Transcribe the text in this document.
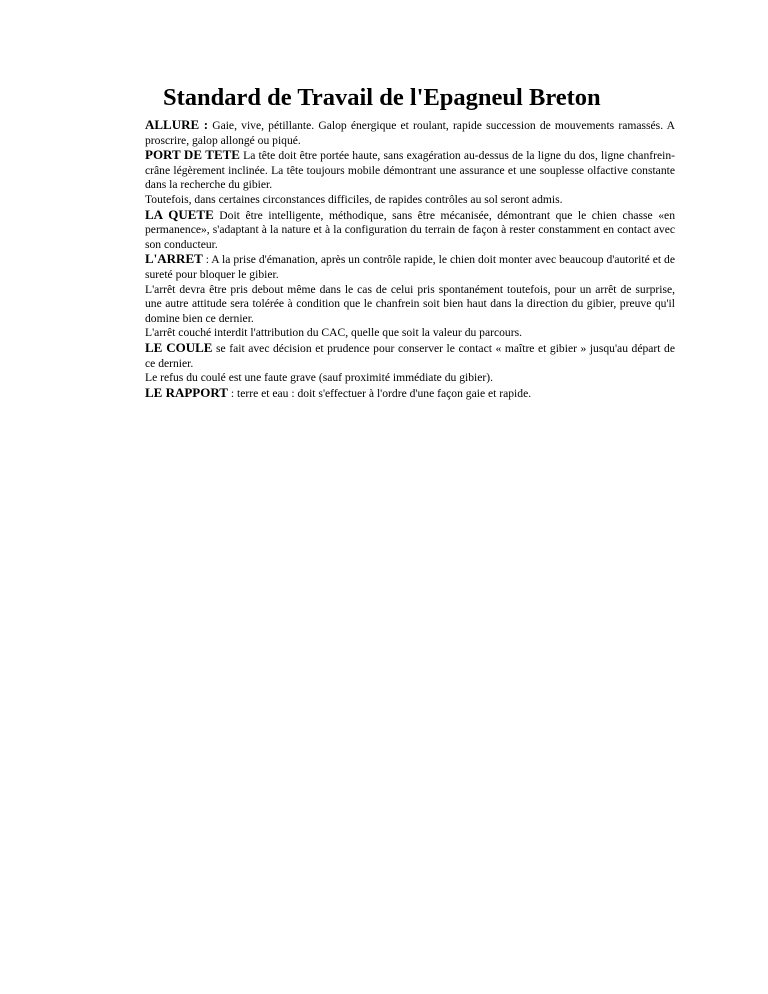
Standard de Travail de l'Epagneul Breton

ALLURE : Gaie, vive, pétillante. Galop énergique et roulant, rapide succession de mouvements ramassés. A proscrire, galop allongé ou piqué.

PORT DE TETE La tête doit être portée haute, sans exagération au-dessus de la ligne du dos, ligne chanfrein-crâne légèrement inclinée. La tête toujours mobile démontrant une assurance et une souplesse olfactive constante dans la recherche du gibier.

Toutefois, dans certaines circonstances difficiles, de rapides contrôles au sol seront admis.

LA QUETE Doit être intelligente, méthodique, sans être mécanisée, démontrant que le chien chasse «en permanence», s'adaptant à la nature et à la configuration du terrain de façon à rester constamment en contact avec son conducteur.

L'ARRET : A la prise d'émanation, après un contrôle rapide, le chien doit monter avec beaucoup d'autorité et de sureté pour bloquer le gibier.

L'arrêt devra être pris debout même dans le cas de celui pris spontanément toutefois, pour un arrêt de surprise, une autre attitude sera tolérée à condition que le chanfrein soit bien haut dans la direction du gibier, preuve qu'il domine bien ce dernier.

L'arrêt couché interdit l'attribution du CAC, quelle que soit la valeur du parcours.

LE COULE se fait avec décision et prudence pour conserver le contact « maître et gibier » jusqu'au départ de ce dernier.

Le refus du coulé est une faute grave (sauf proximité immédiate du gibier).

LE RAPPORT : terre et eau : doit s'effectuer à l'ordre d'une façon gaie et rapide.
